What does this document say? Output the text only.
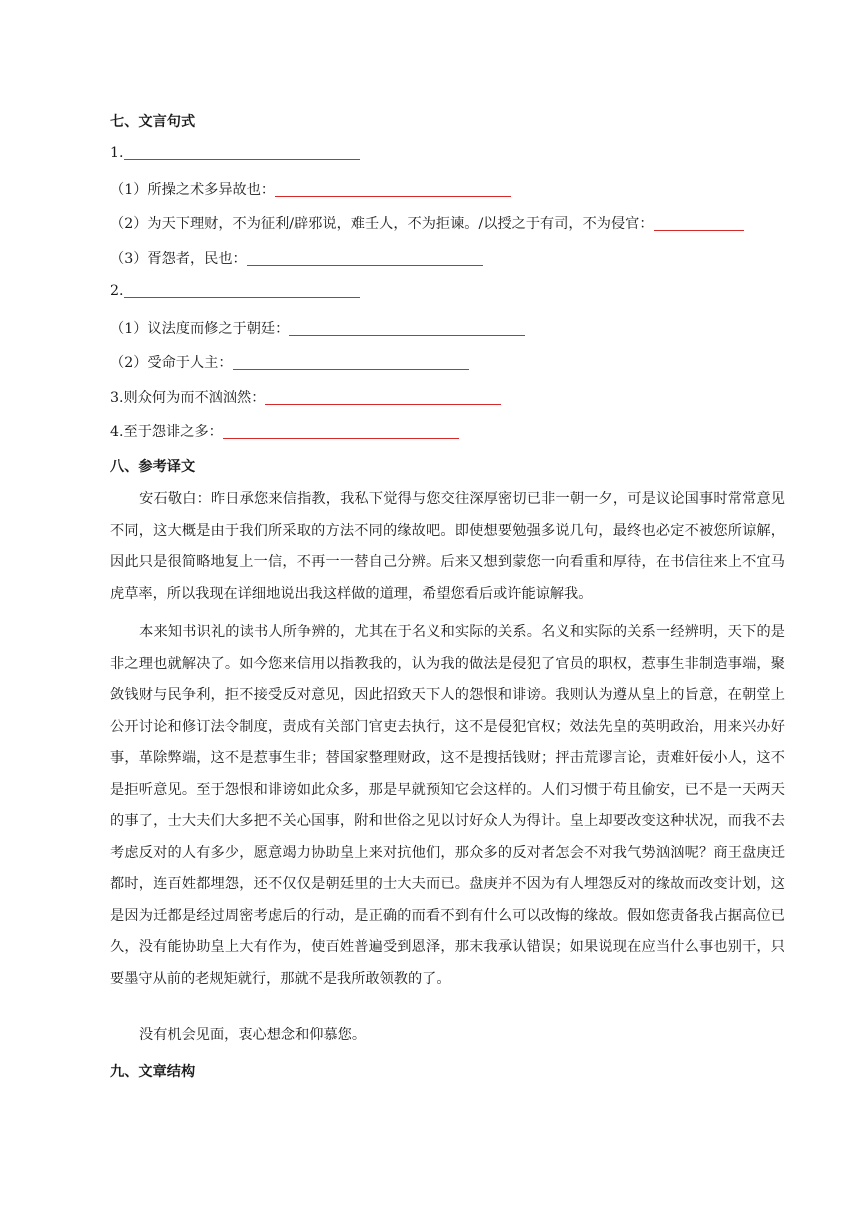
七、文言句式
1.
（1）所操之术多异故也：
（2）为天下理财，不为征利/辟邪说，难壬人，不为拒谏。/以授之于有司，不为侵官：
（3）胥怨者，民也：
2.
（1）议法度而修之于朝廷：
（2）受命于人主：
3.则众何为而不汹汹然：
4.至于怨诽之多：
八、参考译文
安石敬白：昨日承您来信指教，我私下觉得与您交往深厚密切已非一朝一夕，可是议论国事时常常意见不同，这大概是由于我们所采取的方法不同的缘故吧。即使想要勉强多说几句，最终也必定不被您所谅解，因此只是很简略地复上一信，不再一一替自己分辨。后来又想到蒙您一向看重和厚待，在书信往来上不宜马虎草率，所以我现在详细地说出我这样做的道理，希望您看后或许能谅解我。
本来知书识礼的读书人所争辨的，尤其在于名义和实际的关系。名义和实际的关系一经辨明，天下的是非之理也就解决了。如今您来信用以指教我的，认为我的做法是侵犯了官员的职权，惹事生非制造事端，聚敛钱财与民争利，拒不接受反对意见，因此招致天下人的怨恨和诽谤。我则认为遵从皇上的旨意，在朝堂上公开讨论和修订法令制度，责成有关部门官吏去执行，这不是侵犯官权；效法先皇的英明政治，用来兴办好事，革除弊端，这不是惹事生非；替国家整理财政，这不是搜括钱财；抨击荒谬言论，责难奸佞小人，这不是拒听意见。至于怨恨和诽谤如此众多，那是早就预知它会这样的。人们习惯于苟且偷安，已不是一天两天的事了，士大夫们大多把不关心国事，附和世俗之见以讨好众人为得计。皇上却要改变这种状况，而我不去考虑反对的人有多少，愿意竭力协助皇上来对抗他们，那众多的反对者怎会不对我气势汹汹呢？商王盘庚迁都时，连百姓都埋怨，还不仅仅是朝廷里的士大夫而已。盘庚并不因为有人埋怨反对的缘故而改变计划，这是因为迁都是经过周密考虑后的行动，是正确的而看不到有什么可以改悔的缘故。假如您责备我占据高位已久，没有能协助皇上大有作为，使百姓普遍受到恩泽，那末我承认错误；如果说现在应当什么事也别干，只要墨守从前的老规矩就行，那就不是我所敢领教的了。
没有机会见面，衷心想念和仰慕您。
九、文章结构
